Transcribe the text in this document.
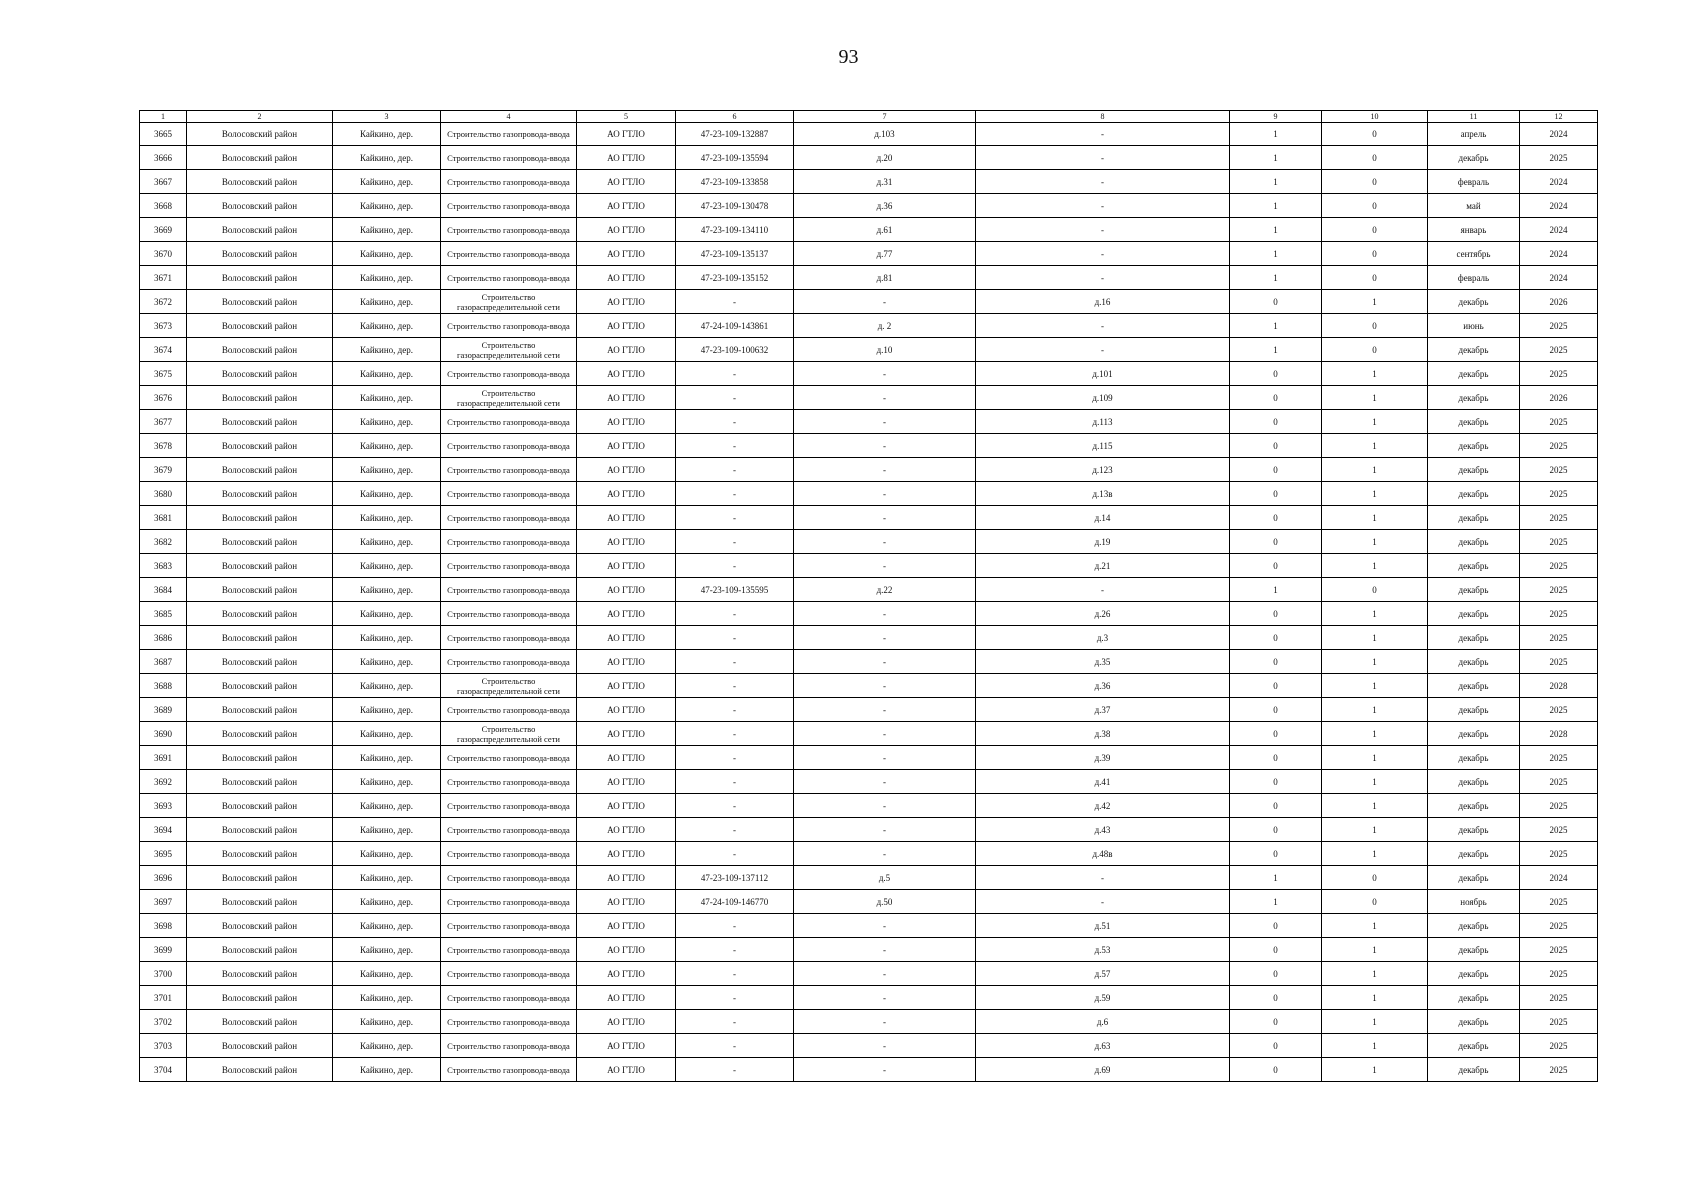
93
1	2	3	4	5	6	7	8	9	10	11	12
3665	Волосовский район	Кайкино, дер.	Строительство газопровода-ввода	АО ГТЛО	47-23-109-132887	д.103	-	1	0	апрель	2024
3666	Волосовский район	Кайкино, дер.	Строительство газопровода-ввода	АО ГТЛО	47-23-109-135594	д.20	-	1	0	декабрь	2025
3667	Волосовский район	Кайкино, дер.	Строительство газопровода-ввода	АО ГТЛО	47-23-109-133858	д.31	-	1	0	февраль	2024
3668	Волосовский район	Кайкино, дер.	Строительство газопровода-ввода	АО ГТЛО	47-23-109-130478	д.36	-	1	0	май	2024
3669	Волосовский район	Кайкино, дер.	Строительство газопровода-ввода	АО ГТЛО	47-23-109-134110	д.61	-	1	0	январь	2024
3670	Волосовский район	Кайкино, дер.	Строительство газопровода-ввода	АО ГТЛО	47-23-109-135137	д.77	-	1	0	сентябрь	2024
3671	Волосовский район	Кайкино, дер.	Строительство газопровода-ввода	АО ГТЛО	47-23-109-135152	д.81	-	1	0	февраль	2024
3672	Волосовский район	Кайкино, дер.	Строительство газораспределительной сети	АО ГТЛО	-	-	д.16	0	1	декабрь	2026
3673	Волосовский район	Кайкино, дер.	Строительство газопровода-ввода	АО ГТЛО	47-24-109-143861	д. 2	-	1	0	июнь	2025
3674	Волосовский район	Кайкино, дер.	Строительство газораспределительной сети	АО ГТЛО	47-23-109-100632	д.10	-	1	0	декабрь	2025
3675	Волосовский район	Кайкино, дер.	Строительство газопровода-ввода	АО ГТЛО	-	-	д.101	0	1	декабрь	2025
3676	Волосовский район	Кайкино, дер.	Строительство газораспределительной сети	АО ГТЛО	-	-	д.109	0	1	декабрь	2026
3677	Волосовский район	Кайкино, дер.	Строительство газопровода-ввода	АО ГТЛО	-	-	д.113	0	1	декабрь	2025
3678	Волосовский район	Кайкино, дер.	Строительство газопровода-ввода	АО ГТЛО	-	-	д.115	0	1	декабрь	2025
3679	Волосовский район	Кайкино, дер.	Строительство газопровода-ввода	АО ГТЛО	-	-	д.123	0	1	декабрь	2025
3680	Волосовский район	Кайкино, дер.	Строительство газопровода-ввода	АО ГТЛО	-	-	д.13в	0	1	декабрь	2025
3681	Волосовский район	Кайкино, дер.	Строительство газопровода-ввода	АО ГТЛО	-	-	д.14	0	1	декабрь	2025
3682	Волосовский район	Кайкино, дер.	Строительство газопровода-ввода	АО ГТЛО	-	-	д.19	0	1	декабрь	2025
3683	Волосовский район	Кайкино, дер.	Строительство газопровода-ввода	АО ГТЛО	-	-	д.21	0	1	декабрь	2025
3684	Волосовский район	Кайкино, дер.	Строительство газопровода-ввода	АО ГТЛО	47-23-109-135595	д.22	-	1	0	декабрь	2025
3685	Волосовский район	Кайкино, дер.	Строительство газопровода-ввода	АО ГТЛО	-	-	д.26	0	1	декабрь	2025
3686	Волосовский район	Кайкино, дер.	Строительство газопровода-ввода	АО ГТЛО	-	-	д.3	0	1	декабрь	2025
3687	Волосовский район	Кайкино, дер.	Строительство газопровода-ввода	АО ГТЛО	-	-	д.35	0	1	декабрь	2025
3688	Волосовский район	Кайкино, дер.	Строительство газораспределительной сети	АО ГТЛО	-	-	д.36	0	1	декабрь	2028
3689	Волосовский район	Кайкино, дер.	Строительство газопровода-ввода	АО ГТЛО	-	-	д.37	0	1	декабрь	2025
3690	Волосовский район	Кайкино, дер.	Строительство газораспределительной сети	АО ГТЛО	-	-	д.38	0	1	декабрь	2028
3691	Волосовский район	Кайкино, дер.	Строительство газопровода-ввода	АО ГТЛО	-	-	д.39	0	1	декабрь	2025
3692	Волосовский район	Кайкино, дер.	Строительство газопровода-ввода	АО ГТЛО	-	-	д.41	0	1	декабрь	2025
3693	Волосовский район	Кайкино, дер.	Строительство газопровода-ввода	АО ГТЛО	-	-	д.42	0	1	декабрь	2025
3694	Волосовский район	Кайкино, дер.	Строительство газопровода-ввода	АО ГТЛО	-	-	д.43	0	1	декабрь	2025
3695	Волосовский район	Кайкино, дер.	Строительство газопровода-ввода	АО ГТЛО	-	-	д.48в	0	1	декабрь	2025
3696	Волосовский район	Кайкино, дер.	Строительство газопровода-ввода	АО ГТЛО	47-23-109-137112	д.5	-	1	0	декабрь	2024
3697	Волосовский район	Кайкино, дер.	Строительство газопровода-ввода	АО ГТЛО	47-24-109-146770	д.50	-	1	0	ноябрь	2025
3698	Волосовский район	Кайкино, дер.	Строительство газопровода-ввода	АО ГТЛО	-	-	д.51	0	1	декабрь	2025
3699	Волосовский район	Кайкино, дер.	Строительство газопровода-ввода	АО ГТЛО	-	-	д.53	0	1	декабрь	2025
3700	Волосовский район	Кайкино, дер.	Строительство газопровода-ввода	АО ГТЛО	-	-	д.57	0	1	декабрь	2025
3701	Волосовский район	Кайкино, дер.	Строительство газопровода-ввода	АО ГТЛО	-	-	д.59	0	1	декабрь	2025
3702	Волосовский район	Кайкино, дер.	Строительство газопровода-ввода	АО ГТЛО	-	-	д.6	0	1	декабрь	2025
3703	Волосовский район	Кайкино, дер.	Строительство газопровода-ввода	АО ГТЛО	-	-	д.63	0	1	декабрь	2025
3704	Волосовский район	Кайкино, дер.	Строительство газопровода-ввода	АО ГТЛО	-	-	д.69	0	1	декабрь	2025
